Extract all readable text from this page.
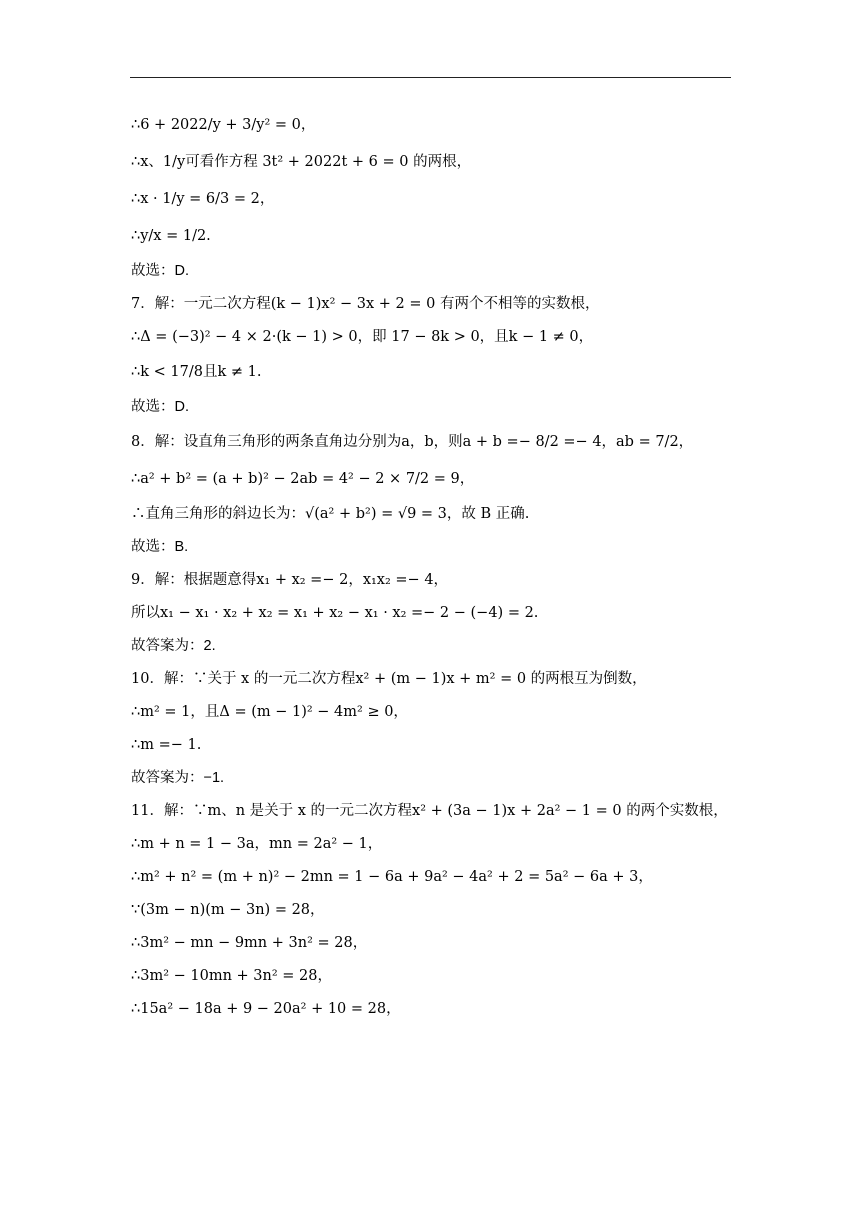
∴6 + 2022/y + 3/y² = 0，
∴x、1/y可看作方程 3t² + 2022t + 6 = 0 的两根，
∴x · 1/y = 6/3 = 2，
∴y/x = 1/2.
故选：D.
7．解：一元二次方程(k − 1)x² − 3x + 2 = 0 有两个不相等的实数根，
∴Δ = (−3)² − 4 × 2·(k − 1) > 0，即 17 − 8k > 0，且k − 1 ≠ 0，
∴k < 17/8且k ≠ 1.
故选：D.
8．解：设直角三角形的两条直角边分别为a，b，则a + b =− 8/2 =− 4，ab = 7/2，
∴a² + b² = (a + b)² − 2ab = 4² − 2 × 7/2 = 9，
∴直角三角形的斜边长为：√(a² + b²) = √9 = 3，故 B 正确.
故选：B.
9．解：根据题意得x₁ + x₂ =− 2，x₁x₂ =− 4，
所以x₁ − x₁ · x₂ + x₂ = x₁ + x₂ − x₁ · x₂ =− 2 − (−4) = 2.
故答案为：2.
10．解：∵关于 x 的一元二次方程x² + (m − 1)x + m² = 0 的两根互为倒数，
∴m² = 1，且Δ = (m − 1)² − 4m² ≥ 0，
∴m =− 1.
故答案为：−1.
11．解：∵m、n 是关于 x 的一元二次方程x² + (3a − 1)x + 2a² − 1 = 0 的两个实数根，
∴m + n = 1 − 3a，mn = 2a² − 1，
∴m² + n² = (m + n)² − 2mn = 1 − 6a + 9a² − 4a² + 2 = 5a² − 6a + 3，
∵(3m − n)(m − 3n) = 28，
∴3m² − mn − 9mn + 3n² = 28，
∴3m² − 10mn + 3n² = 28，
∴15a² − 18a + 9 − 20a² + 10 = 28，
